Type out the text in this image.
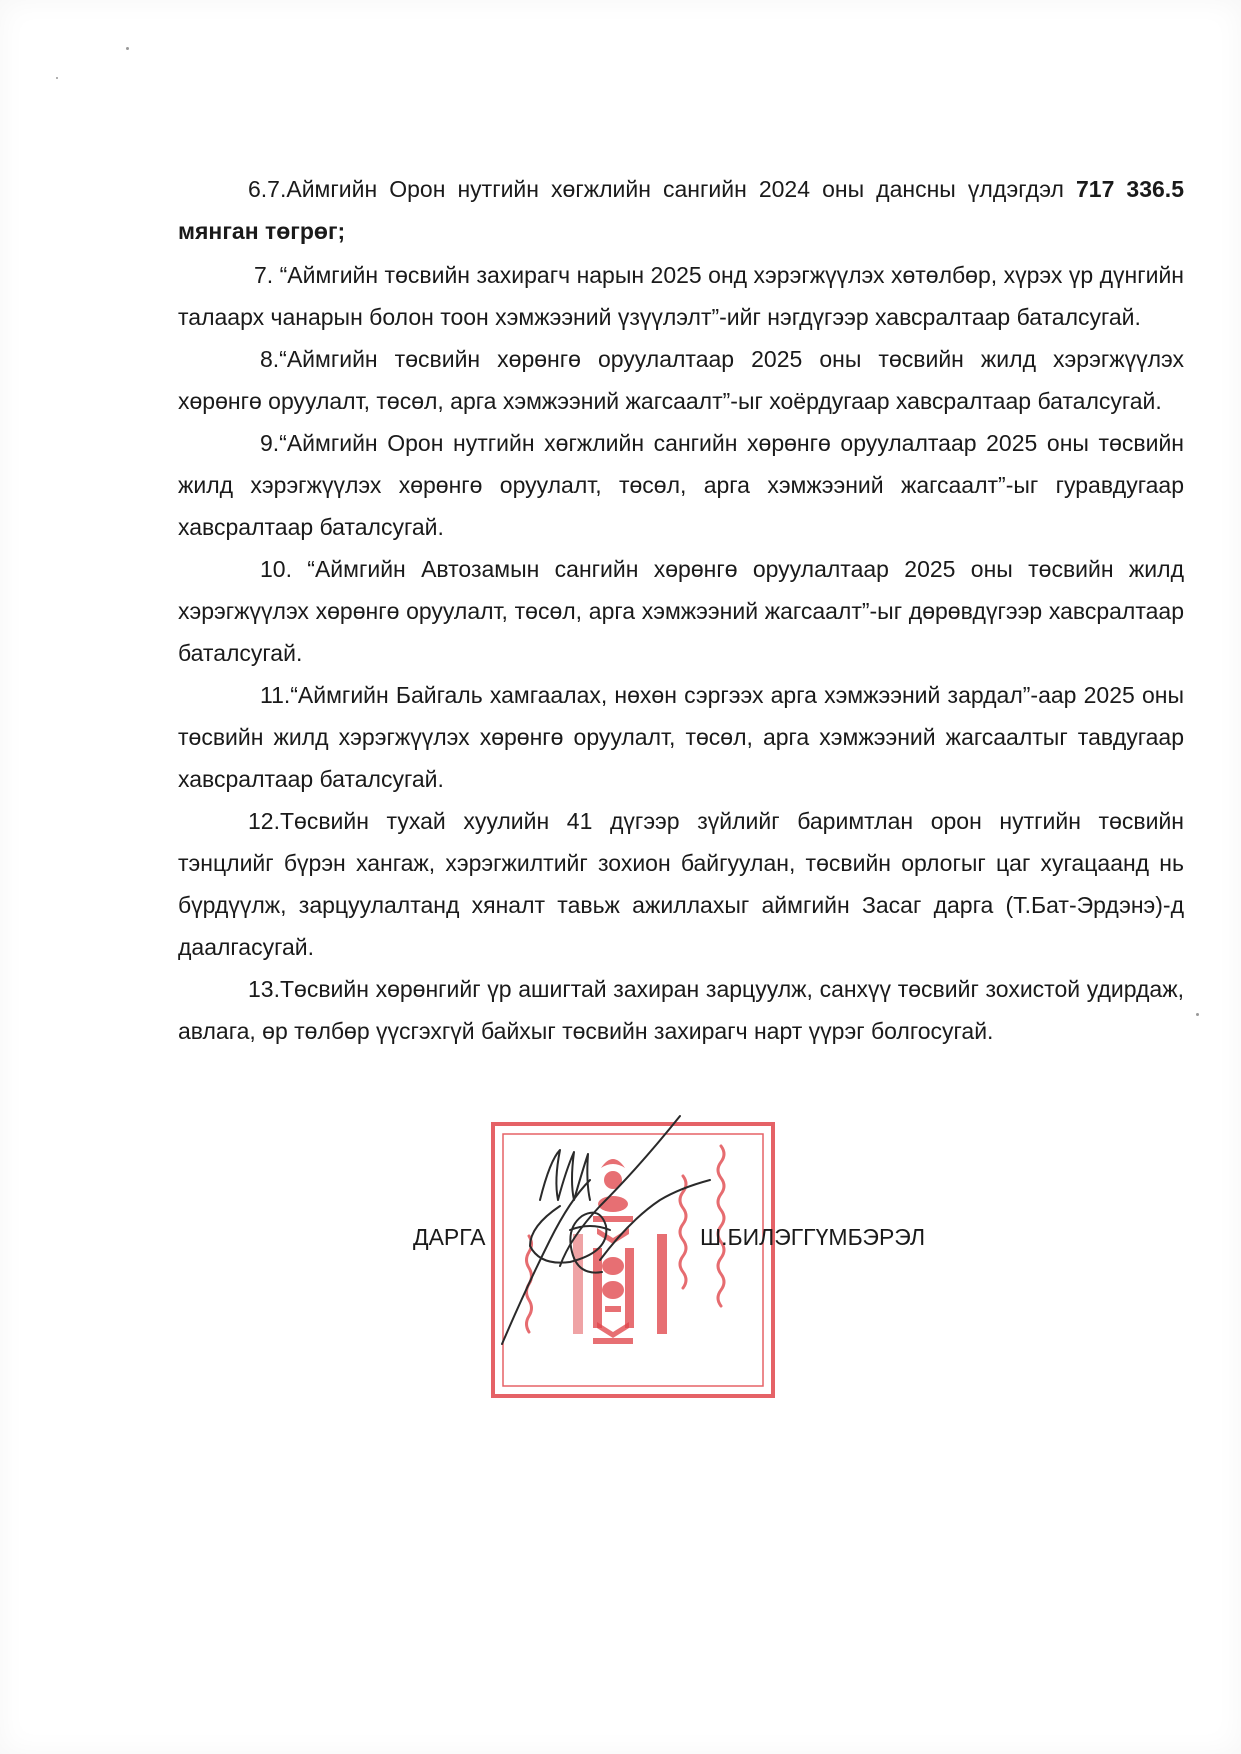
6.7.Аймгийн Орон нутгийн хөгжлийн сангийн 2024 оны дансны үлдэгдэл 717 336.5 мянган төгрөг;

7. “Аймгийн төсвийн захирагч нарын 2025 онд хэрэгжүүлэх хөтөлбөр, хүрэх үр дүнгийн талаарх чанарын болон тоон хэмжээний үзүүлэлт”-ийг нэгдүгээр хавсралтаар баталсугай.

8.“Аймгийн төсвийн хөрөнгө оруулалтаар 2025 оны төсвийн жилд хэрэгжүүлэх хөрөнгө оруулалт, төсөл, арга хэмжээний жагсаалт”-ыг хоёрдугаар хавсралтаар баталсугай.

9.“Аймгийн Орон нутгийн хөгжлийн сангийн хөрөнгө оруулалтаар 2025 оны төсвийн жилд хэрэгжүүлэх хөрөнгө оруулалт, төсөл, арга хэмжээний жагсаалт”-ыг гуравдугаар хавсралтаар баталсугай.

10. “Аймгийн Автозамын сангийн хөрөнгө оруулалтаар 2025 оны төсвийн жилд хэрэгжүүлэх хөрөнгө оруулалт, төсөл, арга хэмжээний жагсаалт”-ыг дөрөвдүгээр хавсралтаар баталсугай.

11.“Аймгийн Байгаль хамгаалах, нөхөн сэргээх арга хэмжээний зардал”-аар 2025 оны төсвийн жилд хэрэгжүүлэх хөрөнгө оруулалт, төсөл, арга хэмжээний жагсаалтыг тавдугаар хавсралтаар баталсугай.

12.Төсвийн тухай хуулийн 41 дүгээр зүйлийг баримтлан орон нутгийн төсвийн тэнцлийг бүрэн хангаж, хэрэгжилтийг зохион байгуулан, төсвийн орлогыг цаг хугацаанд нь бүрдүүлж, зарцуулалтанд хяналт тавьж ажиллахыг аймгийн Засаг дарга (Т.Бат-Эрдэнэ)-д даалгасугай.

13.Төсвийн хөрөнгийг үр ашигтай захиран зарцуулж, санхүү төсвийг зохистой удирдаж, авлага, өр төлбөр үүсгэхгүй байхыг төсвийн захирагч нарт үүрэг болгосугай.

ДАРГА	Ш.БИЛЭГГҮМБЭРЭЛ
